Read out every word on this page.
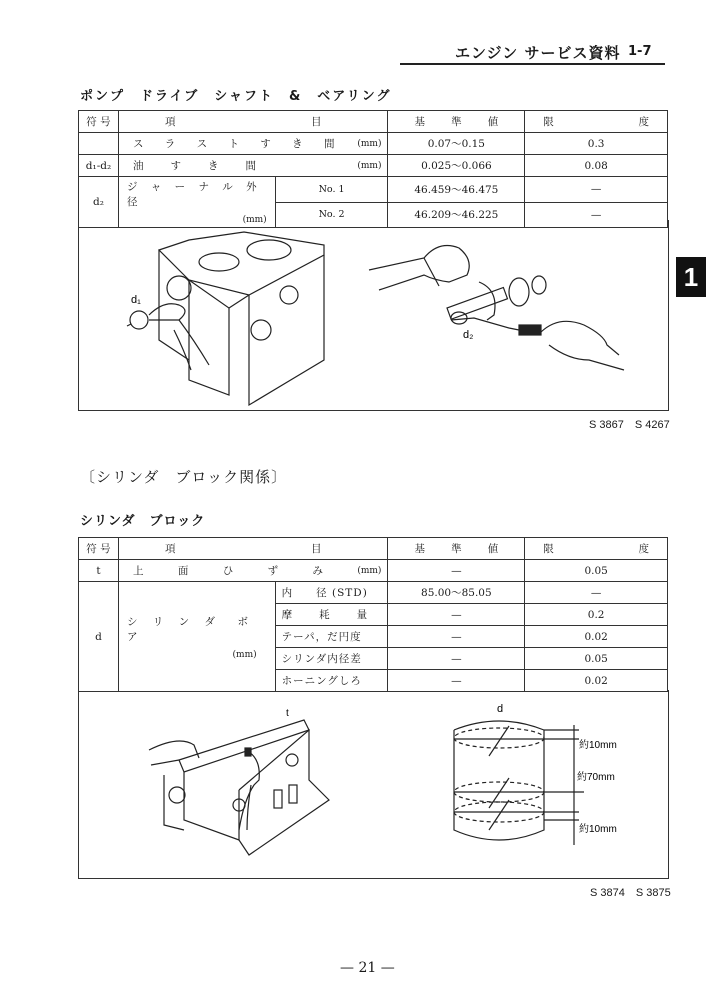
エンジン サービス資料 1-7
1
ポンプ　ドライブ　シャフト　&　ベアリング
符 号	項 目		基 準 値	限 度

	ス ラ ス ト す き 間 (mm)		0.07〜0.15	0.3
d₁-d₂	油　　す　　き　　間 (mm)		0.025〜0.066	0.08
d₂	ジ ャ ー ナ ル 外 径
(mm)	No. 1	46.459〜46.475	—
		No. 2	46.209〜46.225	—
d₁
d₂
S 3867　S 4267
〔シリンダ　ブロック関係〕
シリンダ　ブロック
符 号	項 目		基 準 値	限 度

t	上	面	ひ	ず	み	(mm)	—	0.05
d	シ リ ン ダ　ボ ア
(mm)	内　　径 (STD)	85.00〜85.05	—
		摩　　耗　　量	—	0.2
		テーパ，だ円度	—	0.02
		シリンダ内径差	—	0.05
		ホーニングしろ	—	0.02
t	d
約10mm
約70mm
約10mm
S 3874　S 3875
— 21 —
